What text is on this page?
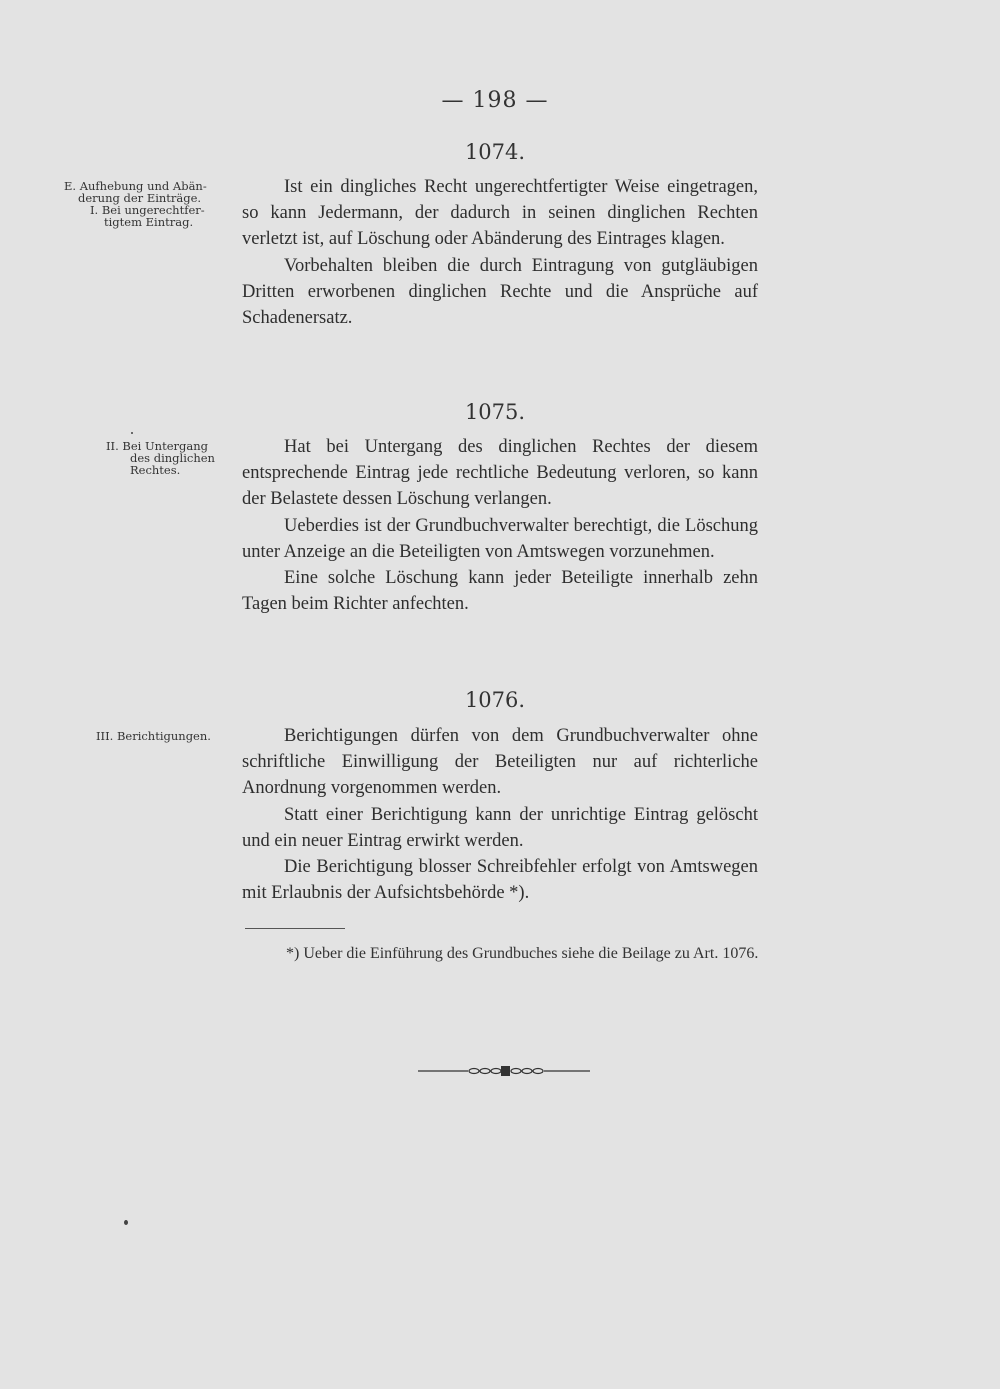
— 198 —
1074.
E. Aufhebung und Abän-
derung der Einträge.
I. Bei ungerechtfer-
tigtem Eintrag.

Ist ein dingliches Recht ungerechtfertigter Weise eingetragen, so kann Jedermann, der dadurch in seinen dinglichen Rechten verletzt ist, auf Löschung oder Abänderung des Eintrages klagen.

Vorbehalten bleiben die durch Eintragung von gutgläubigen Dritten erworbenen dinglichen Rechte und die Ansprüche auf Schadenersatz.

1075.
II. Bei Untergang
des dinglichen
Rechtes.

Hat bei Untergang des dinglichen Rechtes der diesem entsprechende Eintrag jede rechtliche Bedeutung verloren, so kann der Belastete dessen Löschung verlangen.

Ueberdies ist der Grundbuchverwalter berechtigt, die Löschung unter Anzeige an die Beteiligten von Amtswegen vorzunehmen.

Eine solche Löschung kann jeder Beteiligte innerhalb zehn Tagen beim Richter anfechten.

1076.
III. Berichtigungen.	Berichtigungen dürfen von dem Grundbuchverwalter ohne schriftliche Einwilligung der Beteiligten nur auf richterliche Anordnung vorgenommen werden.

Statt einer Berichtigung kann der unrichtige Eintrag gelöscht und ein neuer Eintrag erwirkt werden.

Die Berichtigung blosser Schreibfehler erfolgt von Amtswegen mit Erlaubnis der Aufsichtsbehörde *).

*) Ueber die Einführung des Grundbuches siehe die Beilage zu Art. 1076.
